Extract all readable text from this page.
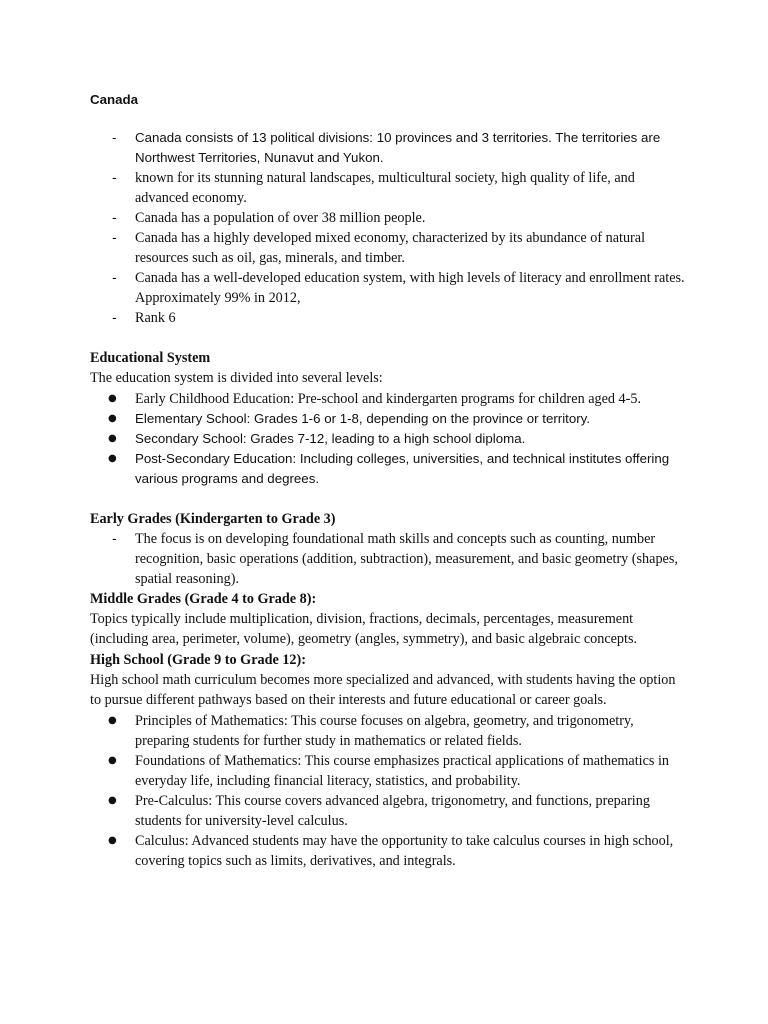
Canada
- Canada consists of 13 political divisions: 10 provinces and 3 territories. The territories are Northwest Territories, Nunavut and Yukon.
- known for its stunning natural landscapes, multicultural society, high quality of life, and advanced economy.
- Canada has a population of over 38 million people.
- Canada has a highly developed mixed economy, characterized by its abundance of natural resources such as oil, gas, minerals, and timber.
- Canada has a well-developed education system, with high levels of literacy and enrollment rates. Approximately 99% in 2012,
- Rank 6
Educational System

The education system is divided into several levels:

● Early Childhood Education: Pre-school and kindergarten programs for children aged 4-5.
● Elementary School: Grades 1-6 or 1-8, depending on the province or territory.
● Secondary School: Grades 7-12, leading to a high school diploma.
● Post-Secondary Education: Including colleges, universities, and technical institutes offering various programs and degrees.
Early Grades (Kindergarten to Grade 3)
- The focus is on developing foundational math skills and concepts such as counting, number recognition, basic operations (addition, subtraction), measurement, and basic geometry (shapes, spatial reasoning).
Middle Grades (Grade 4 to Grade 8):

Topics typically include multiplication, division, fractions, decimals, percentages, measurement (including area, perimeter, volume), geometry (angles, symmetry), and basic algebraic concepts.

High School (Grade 9 to Grade 12):

High school math curriculum becomes more specialized and advanced, with students having the option to pursue different pathways based on their interests and future educational or career goals.

● Principles of Mathematics: This course focuses on algebra, geometry, and trigonometry, preparing students for further study in mathematics or related fields.
● Foundations of Mathematics: This course emphasizes practical applications of mathematics in everyday life, including financial literacy, statistics, and probability.
● Pre-Calculus: This course covers advanced algebra, trigonometry, and functions, preparing students for university-level calculus.
● Calculus: Advanced students may have the opportunity to take calculus courses in high school, covering topics such as limits, derivatives, and integrals.
